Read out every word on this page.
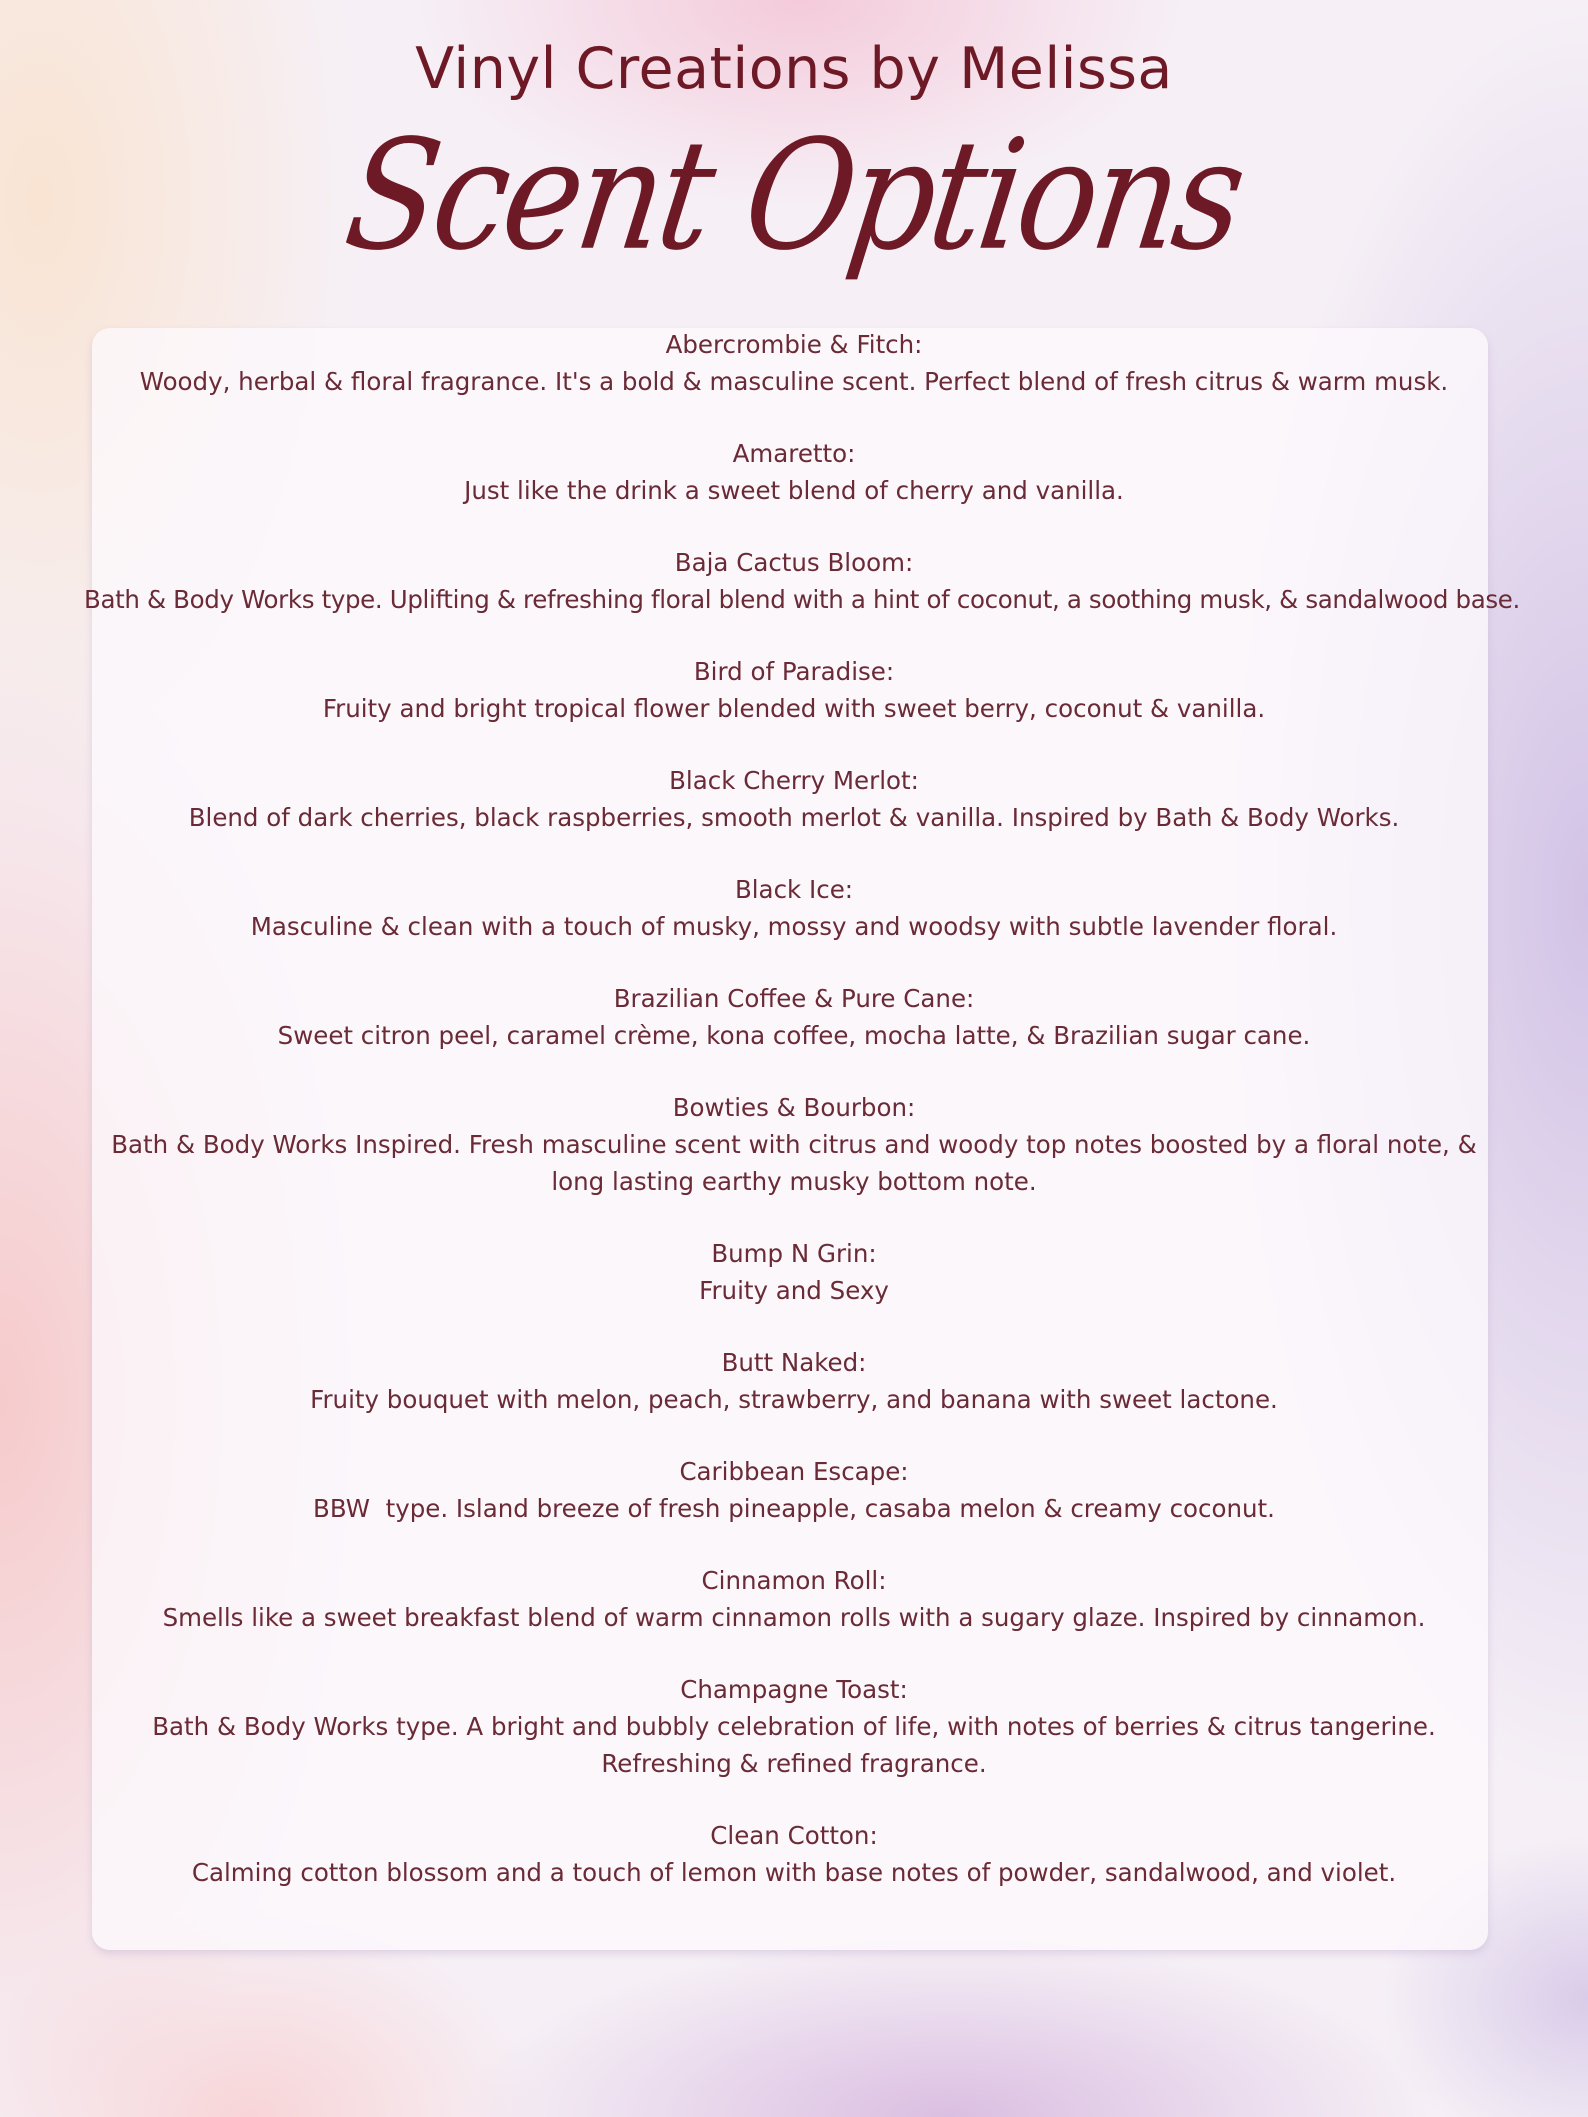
Vinyl Creations by Melissa
Scent Options
Abercrombie & Fitch:
Woody, herbal & floral fragrance. It's a bold & masculine scent. Perfect blend of fresh citrus & warm musk.
Amaretto:
Just like the drink a sweet blend of cherry and vanilla.
Baja Cactus Bloom:
Bath & Body Works type. Uplifting & refreshing floral blend with a hint of coconut, a soothing musk, & sandalwood base.
Bird of Paradise:
Fruity and bright tropical flower blended with sweet berry, coconut & vanilla.
Black Cherry Merlot:
Blend of dark cherries, black raspberries, smooth merlot & vanilla. Inspired by Bath & Body Works.
Black Ice:
Masculine & clean with a touch of musky, mossy and woodsy with subtle lavender floral.
Brazilian Coffee & Pure Cane:
Sweet citron peel, caramel crème, kona coffee, mocha latte, & Brazilian sugar cane.
Bowties & Bourbon:
Bath & Body Works Inspired. Fresh masculine scent with citrus and woody top notes boosted by a floral note, & long lasting earthy musky bottom note.
Bump N Grin:
Fruity and Sexy
Butt Naked:
Fruity bouquet with melon, peach, strawberry, and banana with sweet lactone.
Caribbean Escape:
BBW  type. Island breeze of fresh pineapple, casaba melon & creamy coconut.
Cinnamon Roll:
Smells like a sweet breakfast blend of warm cinnamon rolls with a sugary glaze. Inspired by cinnamon.
Champagne Toast:
Bath & Body Works type. A bright and bubbly celebration of life, with notes of berries & citrus tangerine. Refreshing & refined fragrance.
Clean Cotton:
Calming cotton blossom and a touch of lemon with base notes of powder, sandalwood, and violet.
